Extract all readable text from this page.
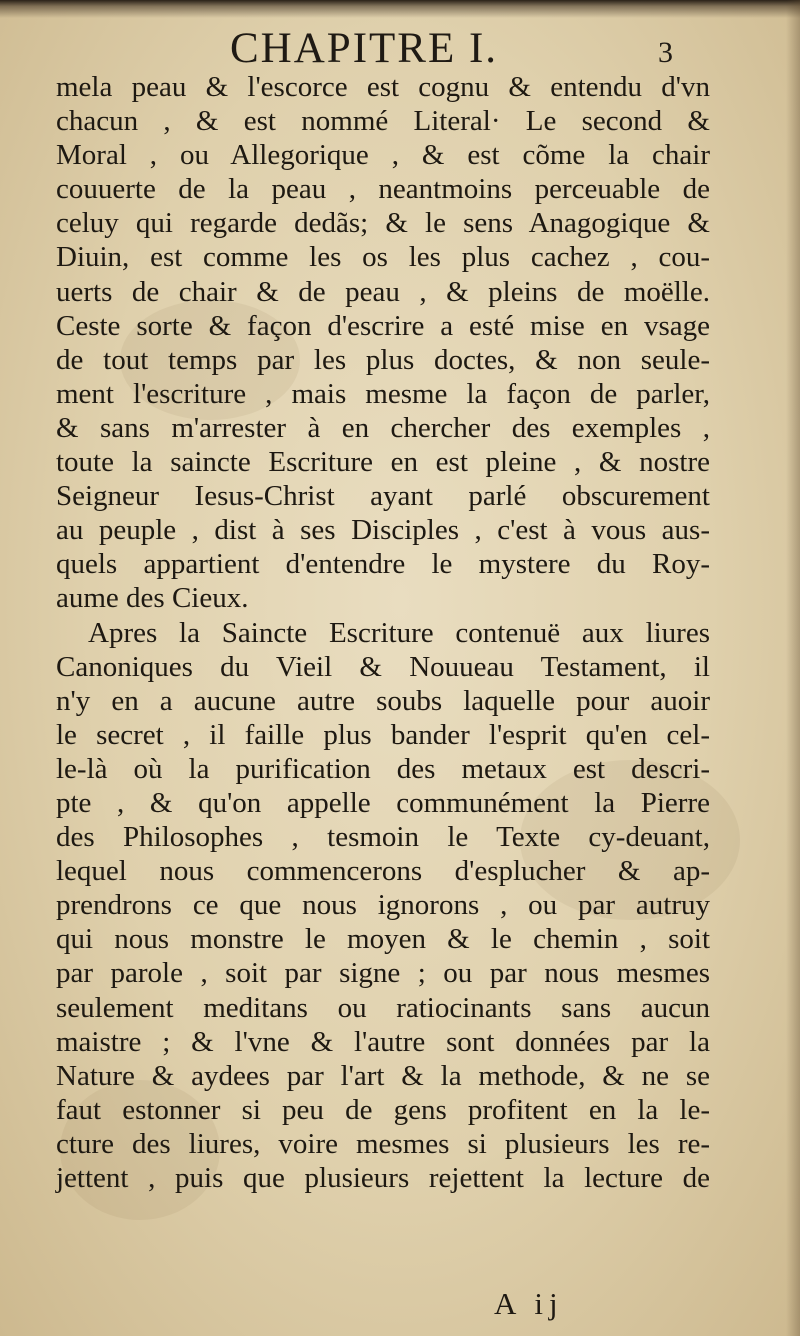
CHAPITRE I.	3
mela peau & l'escorce est cognu & entendu d'vn
chacun , & est nommé Literal· Le second &
Moral , ou Allegorique , & est cõme la chair
couuerte de la peau , neantmoins perceuable de
celuy qui regarde dedãs; & le sens Anagogique &
Diuin, est comme les os les plus cachez , cou-
uerts de chair & de peau , & pleins de moëlle.
Ceste sorte & façon d'escrire a esté mise en vsage
de tout temps par les plus doctes, & non seule-
ment l'escriture , mais mesme la façon de parler,
& sans m'arrester à en chercher des exemples ,
toute la saincte Escriture en est pleine , & nostre
Seigneur Iesus-Christ ayant parlé obscurement
au peuple , dist à ses Disciples , c'est à vous aus-
quels appartient d'entendre le mystere du Roy-
aume des Cieux.
Apres la Saincte Escriture contenuë aux liures
Canoniques du Vieil & Nouueau Testament, il
n'y en a aucune autre soubs laquelle pour auoir
le secret , il faille plus bander l'esprit qu'en cel-
le-là où la purification des metaux est descri-
pte , & qu'on appelle communément la Pierre
des Philosophes , tesmoin le Texte cy-deuant,
lequel nous commencerons d'esplucher & ap-
prendrons ce que nous ignorons , ou par autruy
qui nous monstre le moyen & le chemin , soit
par parole , soit par signe ; ou par nous mesmes
seulement meditans ou ratiocinants sans aucun
maistre ; & l'vne & l'autre sont données par la
Nature & aydees par l'art & la methode, & ne se
faut estonner si peu de gens profitent en la le-
cture des liures, voire mesmes si plusieurs les re-
jettent , puis que plusieurs rejettent la lecture de
A ij
